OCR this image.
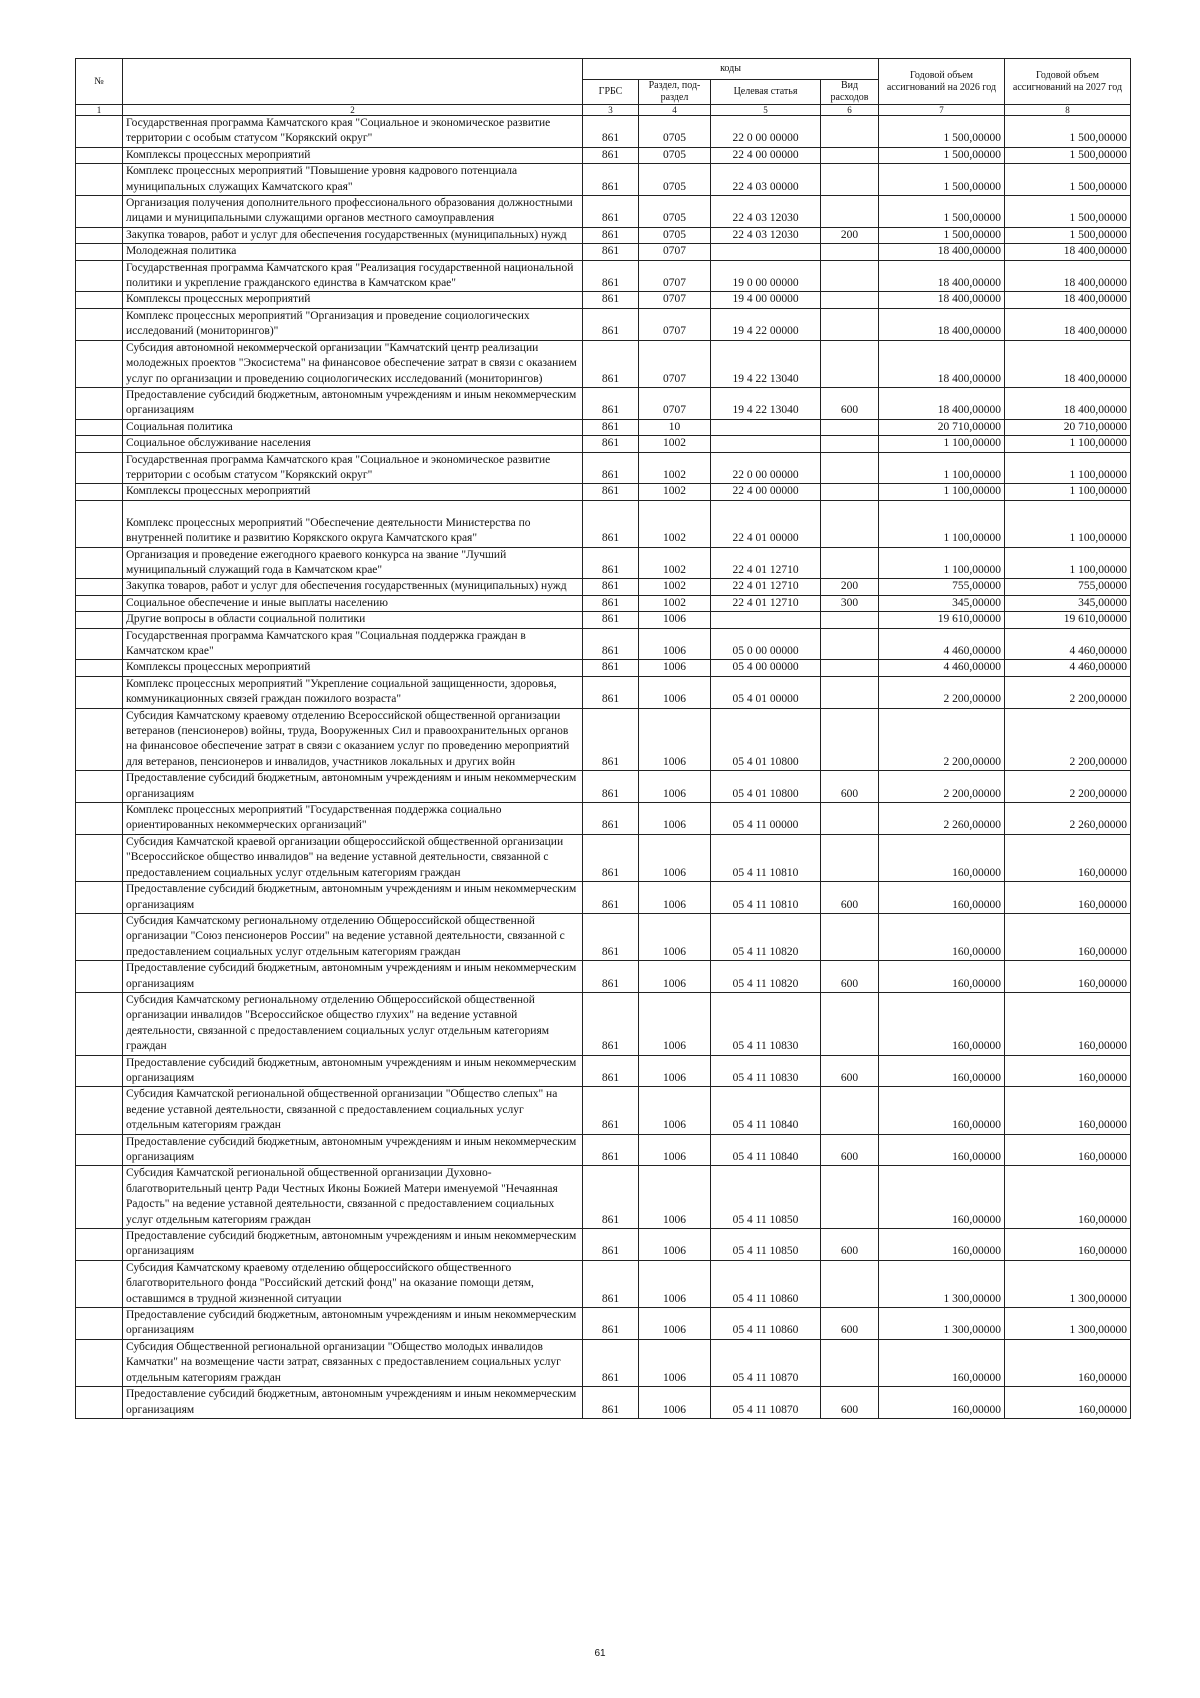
№		коды				Годовой объем ассигнований на 2026 год	Годовой объем ассигнований на 2027 год
		ГРБС	Раздел, под-раздел	Целевая статья	Вид расходов		
1	2	3	4	5	6	7	8
	Государственная программа Камчатского края "Социальное и экономическое развитие территории с особым статусом "Корякский округ"	861	0705	22 0 00 00000		1 500,00000	1 500,00000
	Комплексы процессных мероприятий	861	0705	22 4 00 00000		1 500,00000	1 500,00000
	Комплекс процессных мероприятий "Повышение уровня кадрового потенциала муниципальных служащих Камчатского края"	861	0705	22 4 03 00000		1 500,00000	1 500,00000
	Организация получения дополнительного профессионального образования должностными лицами и муниципальными служащими органов местного самоуправления	861	0705	22 4 03 12030		1 500,00000	1 500,00000
	Закупка товаров, работ и услуг для обеспечения государственных (муниципальных) нужд	861	0705	22 4 03 12030	200	1 500,00000	1 500,00000
	Молодежная политика	861	0707			18 400,00000	18 400,00000
	Государственная программа Камчатского края "Реализация государственной национальной политики и укрепление гражданского единства в Камчатском крае"	861	0707	19 0 00 00000		18 400,00000	18 400,00000
	Комплексы процессных мероприятий	861	0707	19 4 00 00000		18 400,00000	18 400,00000
	Комплекс процессных мероприятий "Организация и проведение социологических исследований (мониторингов)"	861	0707	19 4 22 00000		18 400,00000	18 400,00000
	Субсидия автономной некоммерческой организации "Камчатский центр реализации молодежных проектов "Экосистема" на финансовое обеспечение затрат в связи с оказанием услуг по организации и проведению социологических исследований (мониторингов)	861	0707	19 4 22 13040		18 400,00000	18 400,00000
	Предоставление субсидий бюджетным, автономным учреждениям и иным некоммерческим организациям	861	0707	19 4 22 13040	600	18 400,00000	18 400,00000
	Социальная политика	861	10			20 710,00000	20 710,00000
	Социальное обслуживание населения	861	1002			1 100,00000	1 100,00000
	Государственная программа Камчатского края "Социальное и экономическое развитие территории с особым статусом "Корякский округ"	861	1002	22 0 00 00000		1 100,00000	1 100,00000
	Комплексы процессных мероприятий	861	1002	22 4 00 00000		1 100,00000	1 100,00000
	Комплекс процессных мероприятий "Обеспечение деятельности Министерства по внутренней политике и развитию Корякского округа Камчатского края"	861	1002	22 4 01 00000		1 100,00000	1 100,00000
	Организация и проведение ежегодного краевого конкурса на звание "Лучший муниципальный служащий года в Камчатском крае"	861	1002	22 4 01 12710		1 100,00000	1 100,00000
	Закупка товаров, работ и услуг для обеспечения государственных (муниципальных) нужд	861	1002	22 4 01 12710	200	755,00000	755,00000
	Социальное обеспечение и иные выплаты населению	861	1002	22 4 01 12710	300	345,00000	345,00000
	Другие вопросы в области социальной политики	861	1006			19 610,00000	19 610,00000
	Государственная программа Камчатского края "Социальная поддержка граждан в Камчатском крае"	861	1006	05 0 00 00000		4 460,00000	4 460,00000
	Комплексы процессных мероприятий	861	1006	05 4 00 00000		4 460,00000	4 460,00000
	Комплекс процессных мероприятий "Укрепление социальной защищенности, здоровья, коммуникационных связей граждан пожилого возраста"	861	1006	05 4 01 00000		2 200,00000	2 200,00000
	Субсидия Камчатскому краевому отделению Всероссийской общественной организации ветеранов (пенсионеров) войны, труда, Вооруженных Сил и правоохранительных органов на финансовое обеспечение затрат в связи с оказанием услуг по проведению мероприятий для ветеранов, пенсионеров и инвалидов, участников локальных и других войн	861	1006	05 4 01 10800		2 200,00000	2 200,00000
	Предоставление субсидий бюджетным, автономным учреждениям и иным некоммерческим организациям	861	1006	05 4 01 10800	600	2 200,00000	2 200,00000
	Комплекс процессных мероприятий "Государственная поддержка социально ориентированных некоммерческих организаций"	861	1006	05 4 11 00000		2 260,00000	2 260,00000
	Субсидия Камчатской краевой организации общероссийской общественной организации "Всероссийское общество инвалидов" на ведение уставной деятельности, связанной с предоставлением социальных услуг отдельным категориям граждан	861	1006	05 4 11 10810		160,00000	160,00000
	Предоставление субсидий бюджетным, автономным учреждениям и иным некоммерческим организациям	861	1006	05 4 11 10810	600	160,00000	160,00000
	Субсидия Камчатскому региональному отделению Общероссийской общественной организации "Союз пенсионеров России" на ведение уставной деятельности, связанной с предоставлением социальных услуг отдельным категориям граждан	861	1006	05 4 11 10820		160,00000	160,00000
	Предоставление субсидий бюджетным, автономным учреждениям и иным некоммерческим организациям	861	1006	05 4 11 10820	600	160,00000	160,00000
	Субсидия Камчатскому региональному отделению Общероссийской общественной организации инвалидов "Всероссийское общество глухих" на ведение уставной деятельности, связанной с предоставлением социальных услуг отдельным категориям граждан	861	1006	05 4 11 10830		160,00000	160,00000
	Предоставление субсидий бюджетным, автономным учреждениям и иным некоммерческим организациям	861	1006	05 4 11 10830	600	160,00000	160,00000
	Субсидия Камчатской региональной общественной организации "Общество слепых" на ведение уставной деятельности, связанной с предоставлением социальных услуг отдельным категориям граждан	861	1006	05 4 11 10840		160,00000	160,00000
	Предоставление субсидий бюджетным, автономным учреждениям и иным некоммерческим организациям	861	1006	05 4 11 10840	600	160,00000	160,00000
	Субсидия Камчатской региональной общественной организации Духовно-благотворительный центр Ради Честных Иконы Божией Матери именуемой "Нечаянная Радость" на ведение уставной деятельности, связанной с предоставлением социальных услуг отдельным категориям граждан	861	1006	05 4 11 10850		160,00000	160,00000
	Предоставление субсидий бюджетным, автономным учреждениям и иным некоммерческим организациям	861	1006	05 4 11 10850	600	160,00000	160,00000
	Субсидия Камчатскому краевому отделению общероссийского общественного благотворительного фонда "Российский детский фонд" на оказание помощи детям, оставшимся в трудной жизненной ситуации	861	1006	05 4 11 10860		1 300,00000	1 300,00000
	Предоставление субсидий бюджетным, автономным учреждениям и иным некоммерческим организациям	861	1006	05 4 11 10860	600	1 300,00000	1 300,00000
	Субсидия Общественной региональной организации "Общество молодых инвалидов Камчатки" на возмещение части затрат, связанных с предоставлением социальных услуг отдельным категориям граждан	861	1006	05 4 11 10870		160,00000	160,00000
	Предоставление субсидий бюджетным, автономным учреждениям и иным некоммерческим организациям	861	1006	05 4 11 10870	600	160,00000	160,00000
61
